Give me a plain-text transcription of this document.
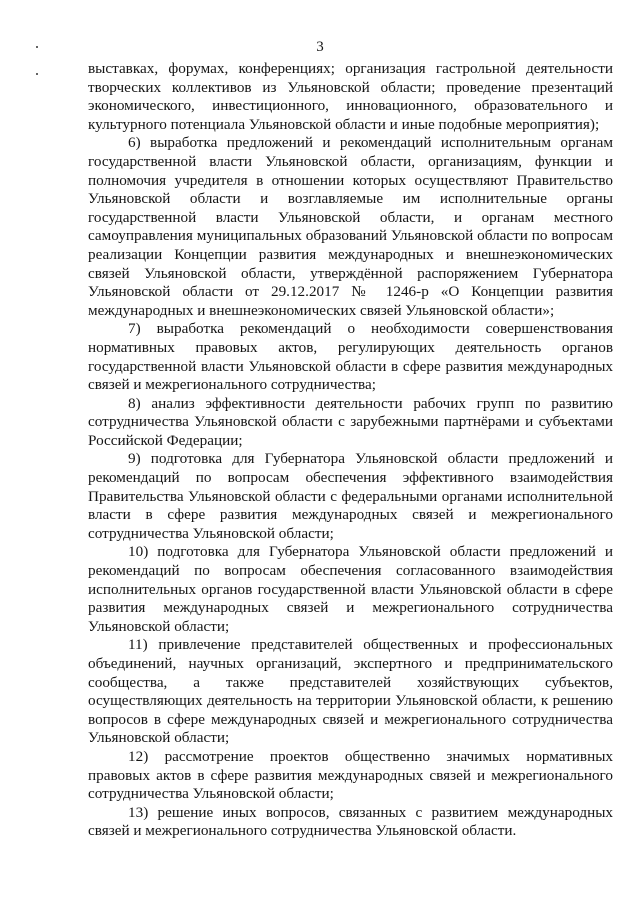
3

выставках, форумах, конференциях; организация гастрольной деятельности творческих коллективов из Ульяновской области; проведение презентаций экономического, инвестиционного, инновационного, образовательного и культурного потенциала Ульяновской области и иные подобные мероприятия);

6) выработка предложений и рекомендаций исполнительным органам государственной власти Ульяновской области, организациям, функции и полномочия учредителя в отношении которых осуществляют Правительство Ульяновской области и возглавляемые им исполнительные органы государственной власти Ульяновской области, и органам местного самоуправления муниципальных образований Ульяновской области по вопросам реализации Концепции развития международных и внешнеэкономических связей Ульяновской области, утверждённой распоряжением Губернатора Ульяновской области от 29.12.2017 № 1246-р «О Концепции развития международных и внешнеэкономических связей Ульяновской области»;

7) выработка рекомендаций о необходимости совершенствования нормативных правовых актов, регулирующих деятельность органов государственной власти Ульяновской области в сфере развития международных связей и межрегионального сотрудничества;

8) анализ эффективности деятельности рабочих групп по развитию сотрудничества Ульяновской области с зарубежными партнёрами и субъектами Российской Федерации;

9) подготовка для Губернатора Ульяновской области предложений и рекомендаций по вопросам обеспечения эффективного взаимодействия Правительства Ульяновской области с федеральными органами исполнительной власти в сфере развития международных связей и межрегионального сотрудничества Ульяновской области;

10) подготовка для Губернатора Ульяновской области предложений и рекомендаций по вопросам обеспечения согласованного взаимодействия исполнительных органов государственной власти Ульяновской области в сфере развития международных связей и межрегионального сотрудничества Ульяновской области;

11) привлечение представителей общественных и профессиональных объединений, научных организаций, экспертного и предпринимательского сообщества, а также представителей хозяйствующих субъектов, осуществляющих деятельность на территории Ульяновской области, к решению вопросов в сфере международных связей и межрегионального сотрудничества Ульяновской области;

12) рассмотрение проектов общественно значимых нормативных правовых актов в сфере развития международных связей и межрегионального сотрудничества Ульяновской области;

13) решение иных вопросов, связанных с развитием международных связей и межрегионального сотрудничества Ульяновской области.
